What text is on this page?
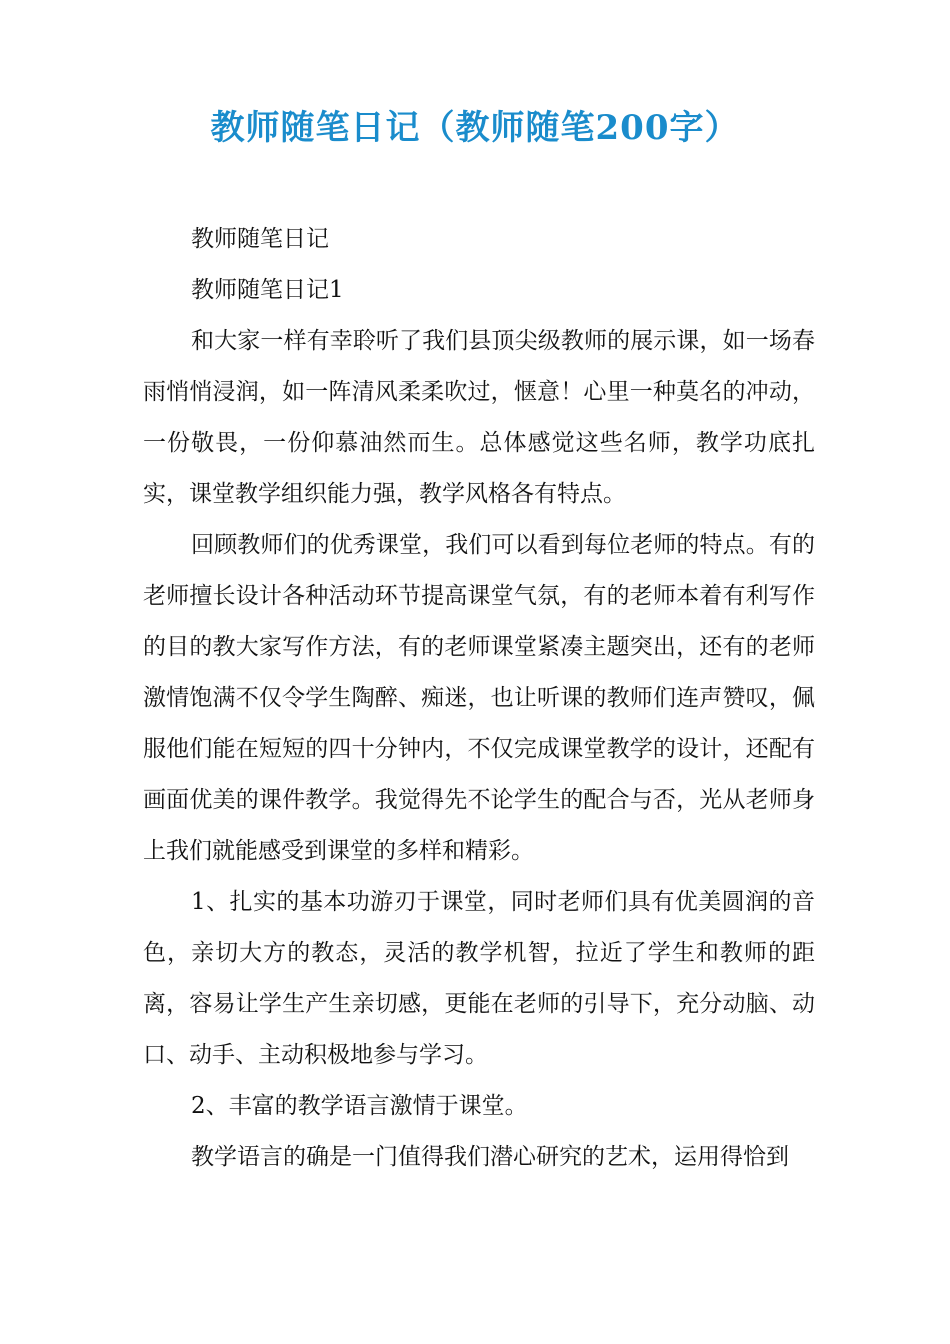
教师随笔日记（教师随笔200字）

教师随笔日记

教师随笔日记1

和大家一样有幸聆听了我们县顶尖级教师的展示课，如一场春雨悄悄浸润，如一阵清风柔柔吹过，惬意！心里一种莫名的冲动，一份敬畏，一份仰慕油然而生。总体感觉这些名师，教学功底扎实，课堂教学组织能力强，教学风格各有特点。

回顾教师们的优秀课堂，我们可以看到每位老师的特点。有的老师擅长设计各种活动环节提高课堂气氛，有的老师本着有利写作的目的教大家写作方法，有的老师课堂紧凑主题突出，还有的老师激情饱满不仅令学生陶醉、痴迷，也让听课的教师们连声赞叹，佩服他们能在短短的四十分钟内，不仅完成课堂教学的设计，还配有画面优美的课件教学。我觉得先不论学生的配合与否，光从老师身上我们就能感受到课堂的多样和精彩。

1、扎实的基本功游刃于课堂，同时老师们具有优美圆润的音色，亲切大方的教态，灵活的教学机智，拉近了学生和教师的距离，容易让学生产生亲切感，更能在老师的引导下，充分动脑、动口、动手、主动积极地参与学习。

2、丰富的教学语言激情于课堂。

教学语言的确是一门值得我们潜心研究的艺术，运用得恰到
